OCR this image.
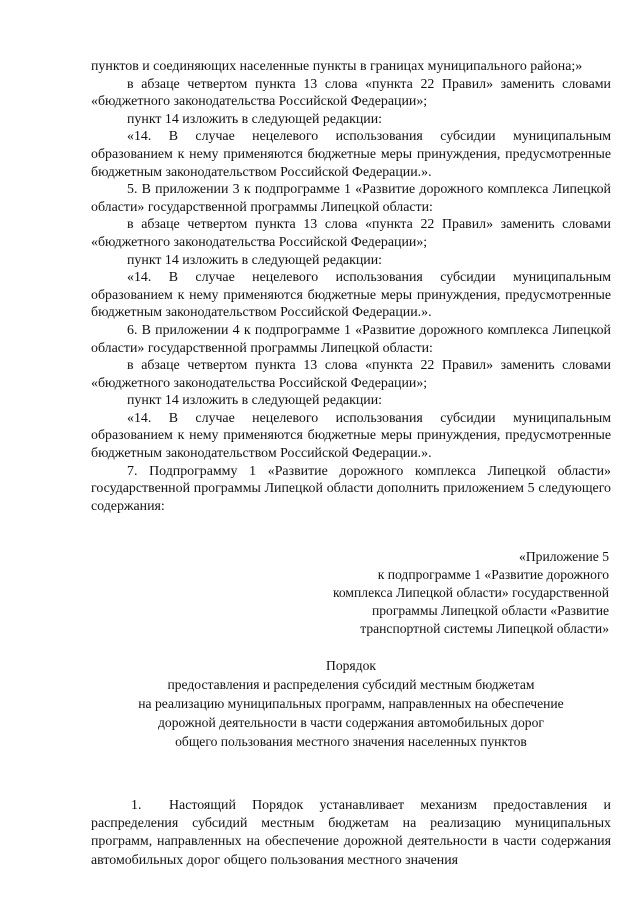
пунктов и соединяющих населенные пункты в границах муниципального района;»

в абзаце четвертом пункта 13 слова «пункта 22 Правил» заменить словами «бюджетного законодательства Российской Федерации»;

пункт 14 изложить в следующей редакции:

«14. В случае нецелевого использования субсидии муниципальным образованием к нему применяются бюджетные меры принуждения, предусмотренные бюджетным законодательством Российской Федерации.».

5. В приложении 3 к подпрограмме 1 «Развитие дорожного комплекса Липецкой области» государственной программы Липецкой области:

в абзаце четвертом пункта 13 слова «пункта 22 Правил» заменить словами «бюджетного законодательства Российской Федерации»;

пункт 14 изложить в следующей редакции:

«14. В случае нецелевого использования субсидии муниципальным образованием к нему применяются бюджетные меры принуждения, предусмотренные бюджетным законодательством Российской Федерации.».

6. В приложении 4 к подпрограмме 1 «Развитие дорожного комплекса Липецкой области» государственной программы Липецкой области:

в абзаце четвертом пункта 13 слова «пункта 22 Правил» заменить словами «бюджетного законодательства Российской Федерации»;

пункт 14 изложить в следующей редакции:

«14. В случае нецелевого использования субсидии муниципальным образованием к нему применяются бюджетные меры принуждения, предусмотренные бюджетным законодательством Российской Федерации.».

7. Подпрограмму 1 «Развитие дорожного комплекса Липецкой области» государственной программы Липецкой области дополнить приложением 5 следующего содержания:

«Приложение 5
к подпрограмме 1 «Развитие дорожного
комплекса Липецкой области» государственной
программы Липецкой области «Развитие
транспортной системы Липецкой области»
Порядок
предоставления и распределения субсидий местным бюджетам
на реализацию муниципальных программ, направленных на обеспечение
дорожной деятельности в части содержания автомобильных дорог
общего пользования местного значения населенных пунктов

1. Настоящий Порядок устанавливает механизм предоставления и распределения субсидий местным бюджетам на реализацию муниципальных программ, направленных на обеспечение дорожной деятельности в части содержания автомобильных дорог общего пользования местного значения
